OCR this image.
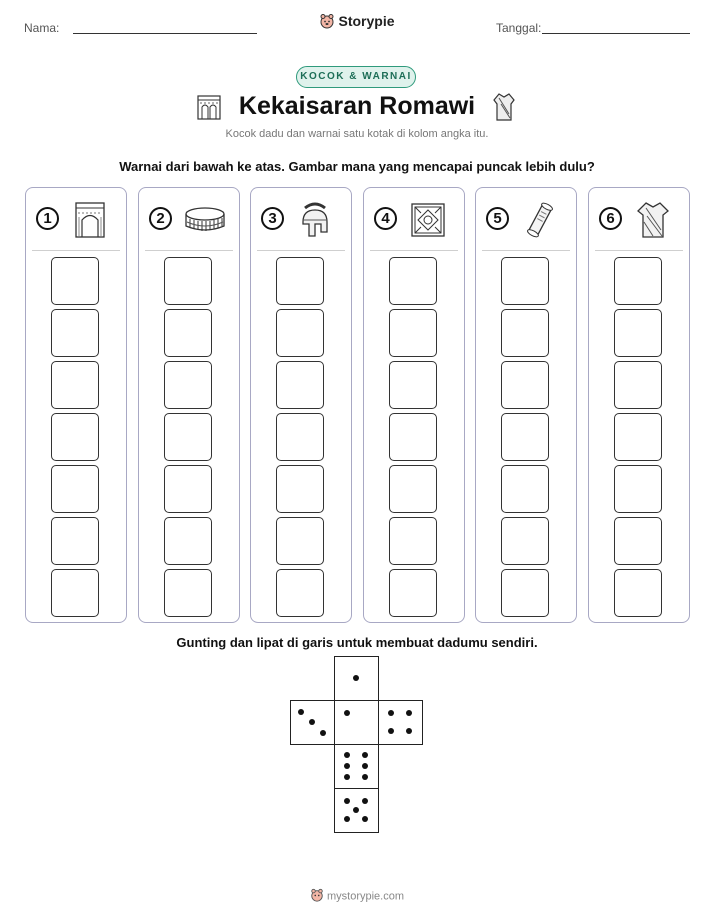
Nama:	Storypie	Tanggal:
KOCOK & WARNAI
Kekaisaran Romawi
Kocok dadu dan warnai satu kotak di kolom angka itu.
Warnai dari bawah ke atas. Gambar mana yang mencapai puncak lebih dulu?
1	2	3	4	5	6
Gunting dan lipat di garis untuk membuat dadumu sendiri.
mystorypie.com
